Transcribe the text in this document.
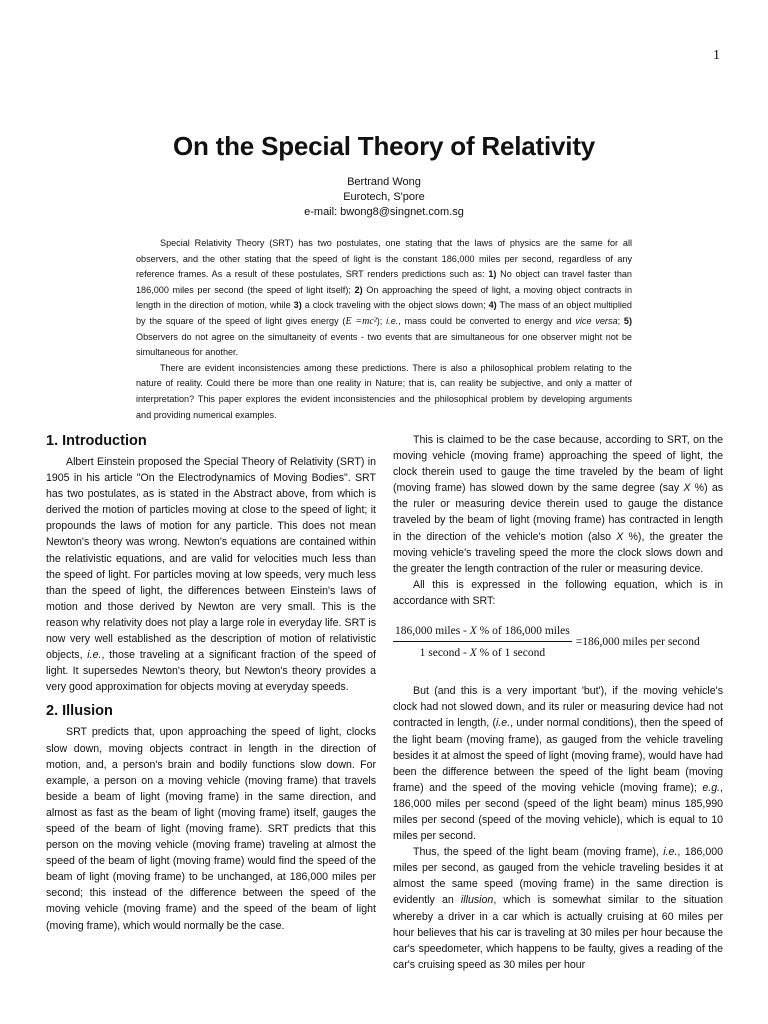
1
On the Special Theory of Relativity
Bertrand Wong
Eurotech, S'pore
e-mail: bwong8@singnet.com.sg

Special Relativity Theory (SRT) has two postulates, one stating that the laws of physics are the same for all observers, and the other stating that the speed of light is the constant 186,000 miles per second, regardless of any reference frames. As a result of these postulates, SRT renders predictions such as: 1) No object can travel faster than 186,000 miles per second (the speed of light itself); 2) On approaching the speed of light, a moving object contracts in length in the direction of motion, while 3) a clock traveling with the object slows down; 4) The mass of an object multiplied by the square of the speed of light gives energy (E =mc²); i.e., mass could be converted to energy and vice versa; 5) Observers do not agree on the simultaneity of events - two events that are simultaneous for one observer might not be simultaneous for another.

There are evident inconsistencies among these predictions. There is also a philosophical problem relating to the nature of reality. Could there be more than one reality in Nature; that is, can reality be subjective, and only a matter of interpretation? This paper explores the evident inconsistencies and the philosophical problem by developing arguments and providing numerical examples.

1. Introduction

Albert Einstein proposed the Special Theory of Relativity (SRT) in 1905 in his article "On the Electrodynamics of Moving Bodies". SRT has two postulates, as is stated in the Abstract above, from which is derived the motion of particles moving at close to the speed of light; it propounds the laws of motion for any particle. This does not mean Newton's theory was wrong. Newton's equations are contained within the relativistic equations, and are valid for velocities much less than the speed of light. For particles moving at low speeds, very much less than the speed of light, the differences between Einstein's laws of motion and those derived by Newton are very small. This is the reason why relativity does not play a large role in everyday life. SRT is now very well established as the description of motion of relativistic objects, i.e., those traveling at a significant fraction of the speed of light. It supersedes Newton's theory, but Newton's theory provides a very good approximation for objects moving at everyday speeds.

2. Illusion

SRT predicts that, upon approaching the speed of light, clocks slow down, moving objects contract in length in the direction of motion, and, a person's brain and bodily functions slow down. For example, a person on a moving vehicle (moving frame) that travels beside a beam of light (moving frame) in the same direction, and almost as fast as the beam of light (moving frame) itself, gauges the speed of the beam of light (moving frame). SRT predicts that this person on the moving vehicle (moving frame) traveling at almost the speed of the beam of light (moving frame) would find the speed of the beam of light (moving frame) to be unchanged, at 186,000 miles per second; this instead of the difference between the speed of the moving vehicle (moving frame) and the speed of the beam of light (moving frame), which would normally be the case.

This is claimed to be the case because, according to SRT, on the moving vehicle (moving frame) approaching the speed of light, the clock therein used to gauge the time traveled by the beam of light (moving frame) has slowed down by the same degree (say X %) as the ruler or measuring device therein used to gauge the distance traveled by the beam of light (moving frame) has contracted in length in the direction of the vehicle's motion (also X %), the greater the moving vehicle's traveling speed the more the clock slows down and the greater the length contraction of the ruler or measuring device.

All this is expressed in the following equation, which is in accordance with SRT:

$\frac{\text{186,000 miles - X \% of 186,000 miles}}{\text{1 second - X \% of 1 second}} =186,000$ miles per second

But (and this is a very important 'but'), if the moving vehicle's clock had not slowed down, and its ruler or measuring device had not contracted in length, (i.e., under normal conditions), then the speed of the light beam (moving frame), as gauged from the vehicle traveling besides it at almost the speed of light (moving frame), would have had been the difference between the speed of the light beam (moving frame) and the speed of the moving vehicle (moving frame); e.g., 186,000 miles per second (speed of the light beam) minus 185,990 miles per second (speed of the moving vehicle), which is equal to 10 miles per second.

Thus, the speed of the light beam (moving frame), i.e., 186,000 miles per second, as gauged from the vehicle traveling besides it at almost the same speed (moving frame) in the same direction is evidently an illusion, which is somewhat similar to the situation whereby a driver in a car which is actually cruising at 60 miles per hour believes that his car is traveling at 30 miles per hour because the car's speedometer, which happens to be faulty, gives a reading of the car's cruising speed as 30 miles per hour
